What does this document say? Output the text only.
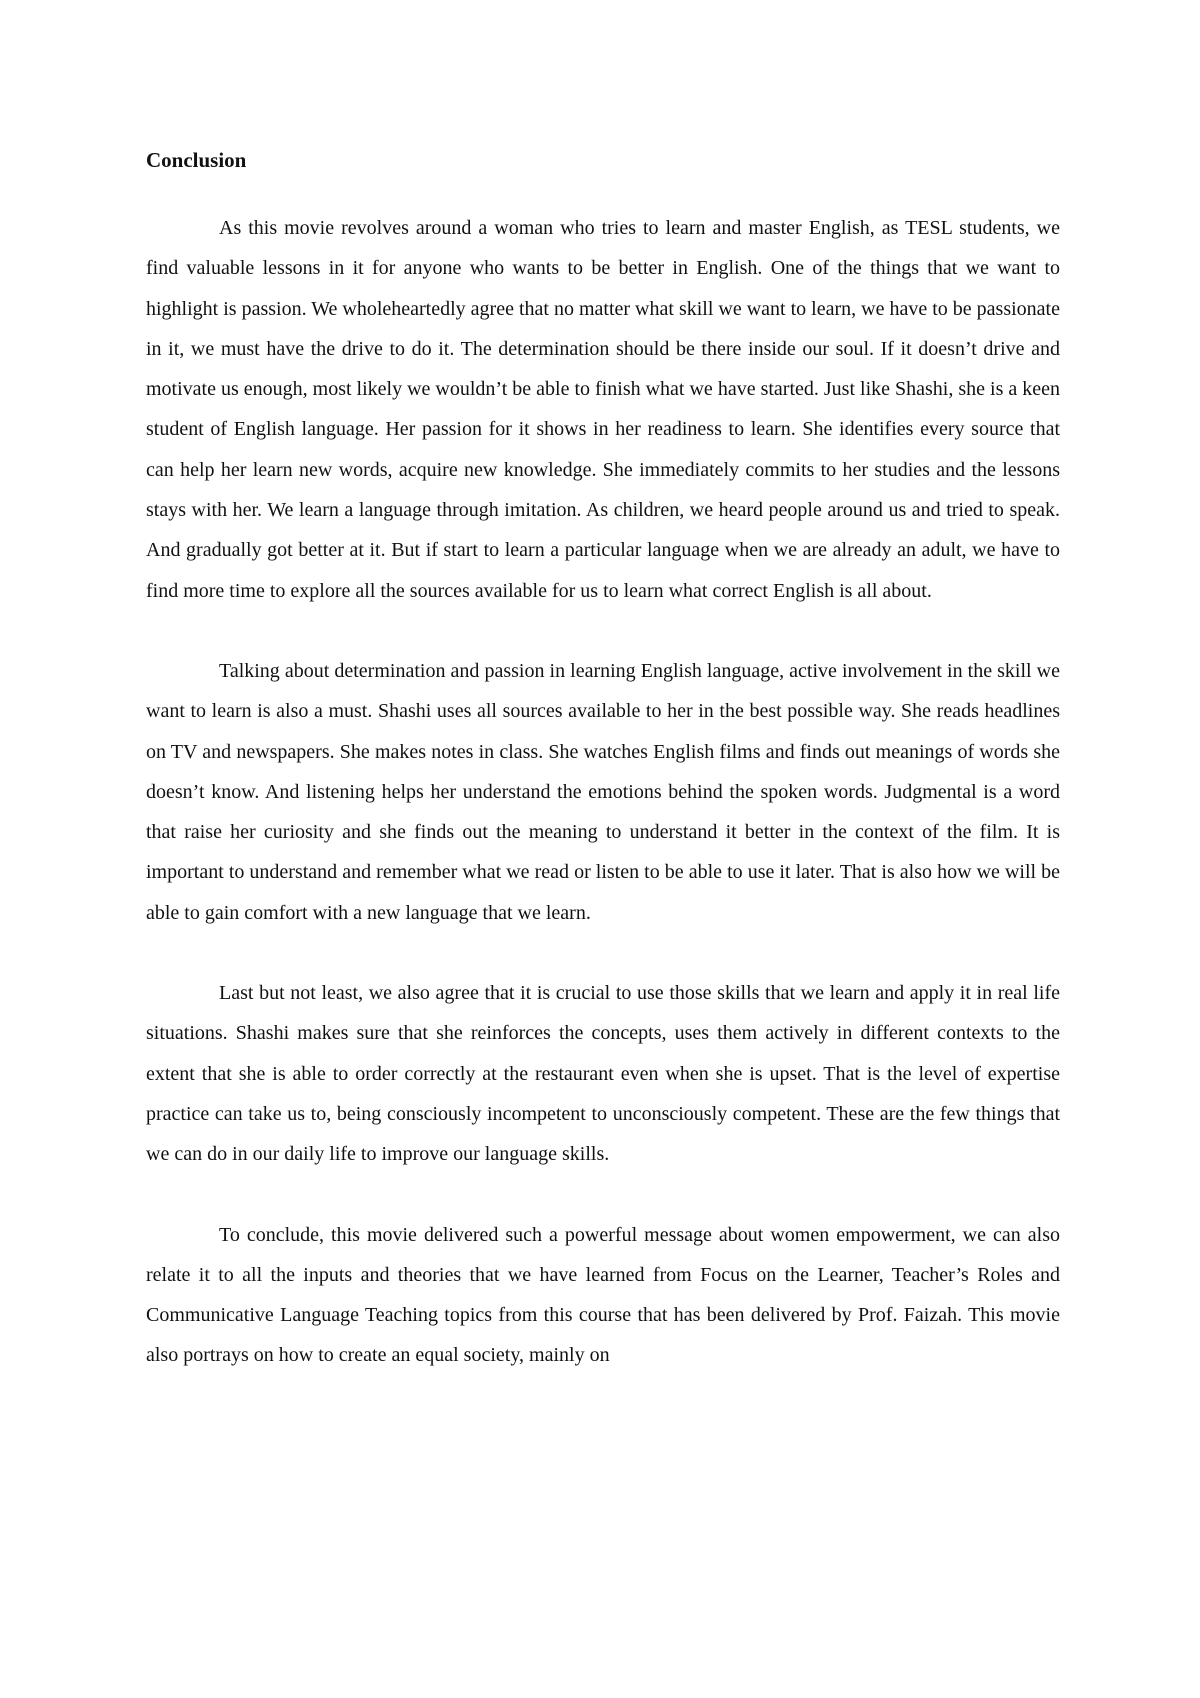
Conclusion

As this movie revolves around a woman who tries to learn and master English, as TESL students, we find valuable lessons in it for anyone who wants to be better in English. One of the things that we want to highlight is passion. We wholeheartedly agree that no matter what skill we want to learn, we have to be passionate in it, we must have the drive to do it. The determination should be there inside our soul. If it doesn’t drive and motivate us enough, most likely we wouldn’t be able to finish what we have started. Just like Shashi, she is a keen student of English language. Her passion for it shows in her readiness to learn. She identifies every source that can help her learn new words, acquire new knowledge. She immediately commits to her studies and the lessons stays with her. We learn a language through imitation. As children, we heard people around us and tried to speak. And gradually got better at it. But if start to learn a particular language when we are already an adult, we have to find more time to explore all the sources available for us to learn what correct English is all about.

Talking about determination and passion in learning English language, active involvement in the skill we want to learn is also a must. Shashi uses all sources available to her in the best possible way. She reads headlines on TV and newspapers. She makes notes in class. She watches English films and finds out meanings of words she doesn’t know. And listening helps her understand the emotions behind the spoken words. Judgmental is a word that raise her curiosity and she finds out the meaning to understand it better in the context of the film. It is important to understand and remember what we read or listen to be able to use it later. That is also how we will be able to gain comfort with a new language that we learn.

Last but not least, we also agree that it is crucial to use those skills that we learn and apply it in real life situations. Shashi makes sure that she reinforces the concepts, uses them actively in different contexts to the extent that she is able to order correctly at the restaurant even when she is upset. That is the level of expertise practice can take us to, being consciously incompetent to unconsciously competent. These are the few things that we can do in our daily life to improve our language skills.

To conclude, this movie delivered such a powerful message about women empowerment, we can also relate it to all the inputs and theories that we have learned from Focus on the Learner, Teacher’s Roles and Communicative Language Teaching topics from this course that has been delivered by Prof. Faizah. This movie also portrays on how to create an equal society, mainly on
